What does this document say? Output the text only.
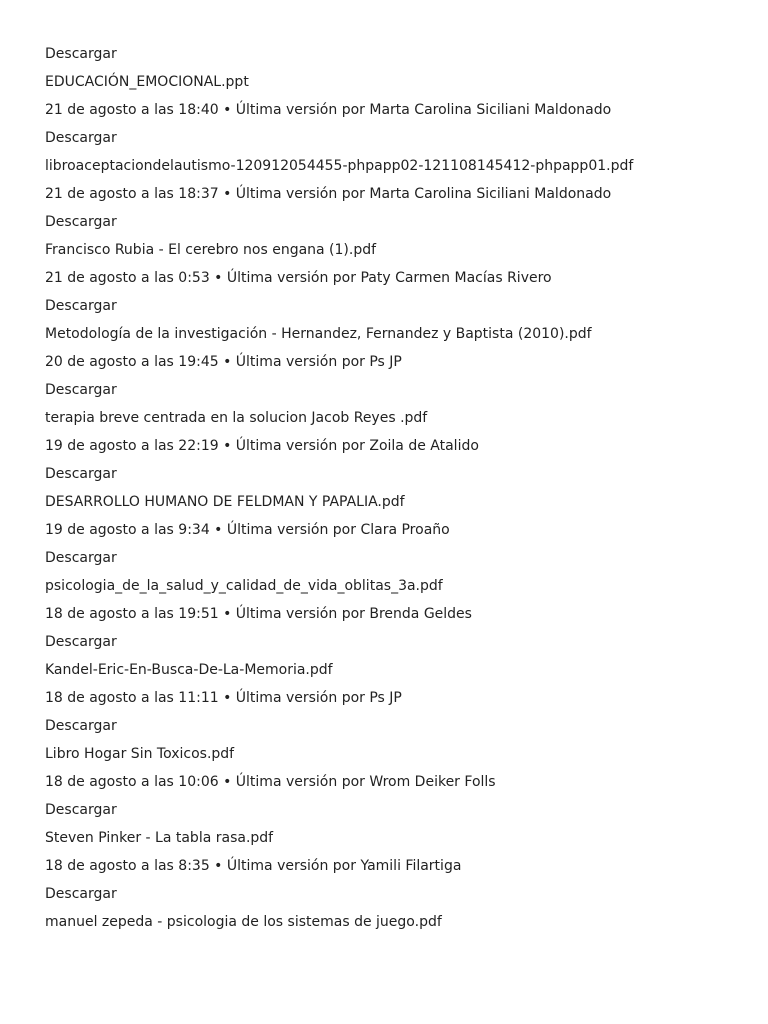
Descargar
EDUCACIÓN_EMOCIONAL.ppt
21 de agosto a las 18:40 • Última versión por Marta Carolina Siciliani Maldonado
Descargar
libroaceptaciondelautismo-120912054455-phpapp02-121108145412-phpapp01.pdf
21 de agosto a las 18:37 • Última versión por Marta Carolina Siciliani Maldonado
Descargar
Francisco Rubia - El cerebro nos engana (1).pdf
21 de agosto a las 0:53 • Última versión por Paty Carmen Macías Rivero
Descargar
Metodología de la investigación - Hernandez, Fernandez y Baptista (2010).pdf
20 de agosto a las 19:45 • Última versión por Ps JP
Descargar
terapia breve centrada en la solucion Jacob Reyes .pdf
19 de agosto a las 22:19 • Última versión por Zoila de Atalido
Descargar
DESARROLLO HUMANO DE FELDMAN Y PAPALIA.pdf
19 de agosto a las 9:34 • Última versión por Clara Proaño
Descargar
psicologia_de_la_salud_y_calidad_de_vida_oblitas_3a.pdf
18 de agosto a las 19:51 • Última versión por Brenda Geldes
Descargar
Kandel-Eric-En-Busca-De-La-Memoria.pdf
18 de agosto a las 11:11 • Última versión por Ps JP
Descargar
Libro Hogar Sin Toxicos.pdf
18 de agosto a las 10:06 • Última versión por Wrom Deiker Folls
Descargar
Steven Pinker - La tabla rasa.pdf
18 de agosto a las 8:35 • Última versión por Yamili Filartiga
Descargar
manuel zepeda - psicologia de los sistemas de juego.pdf
